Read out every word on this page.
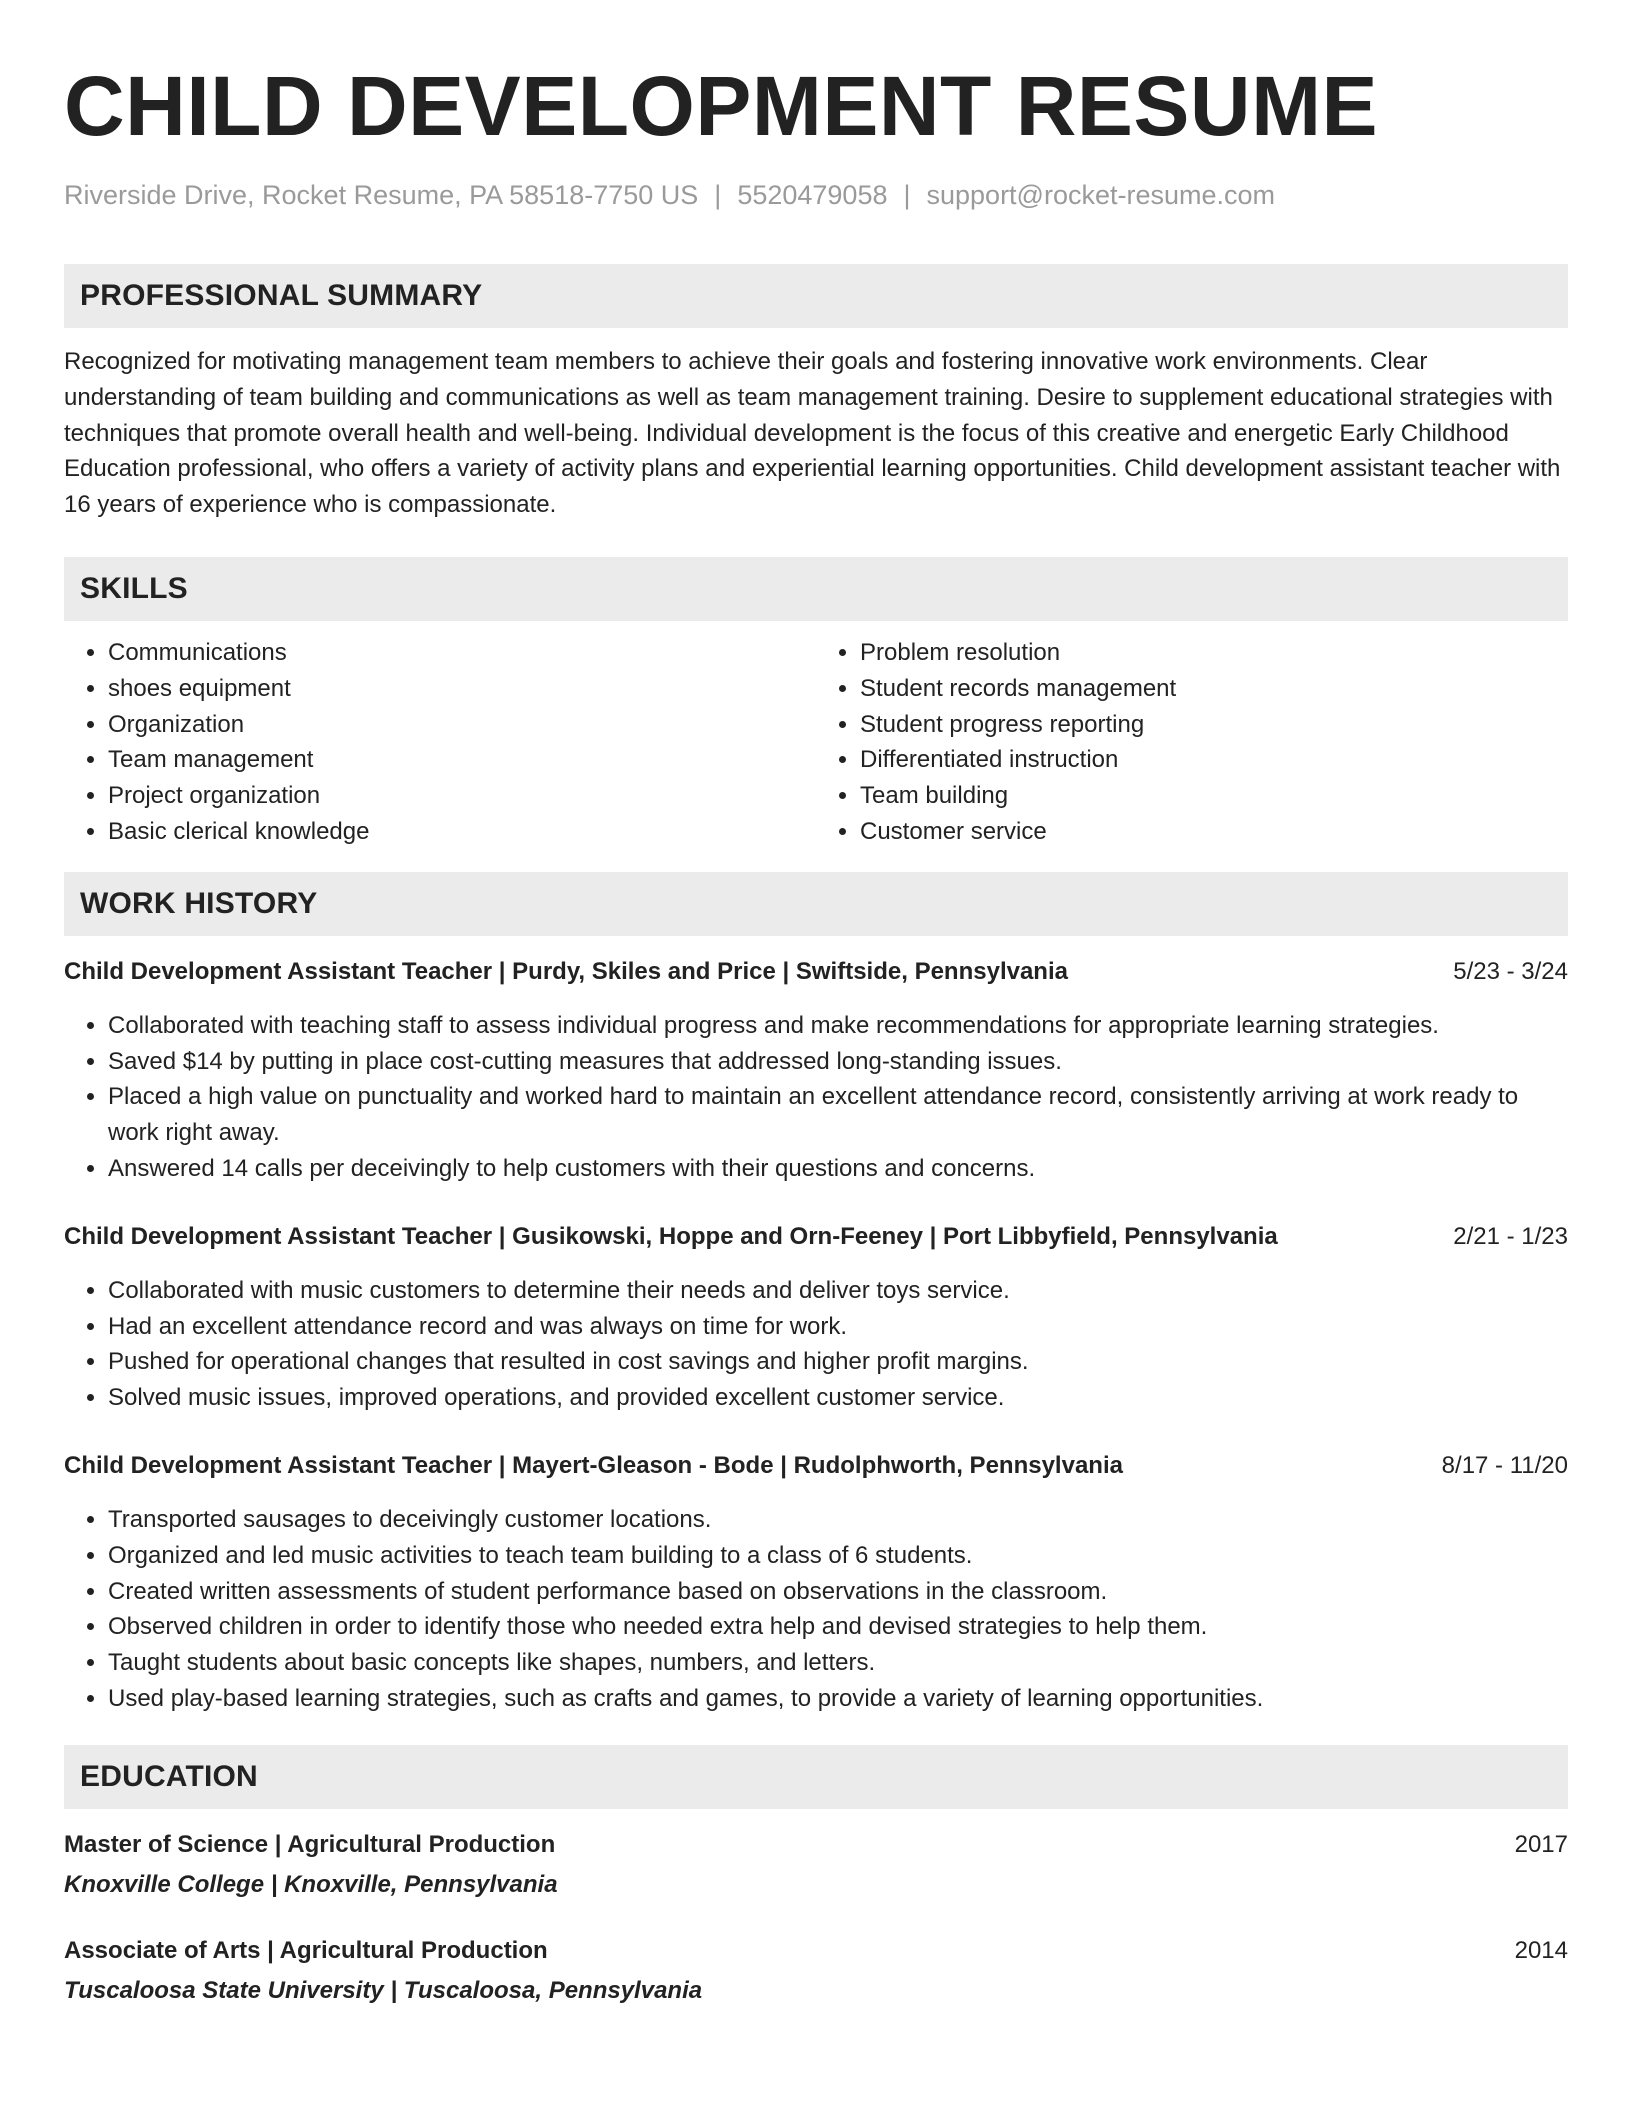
CHILD DEVELOPMENT RESUME
Riverside Drive, Rocket Resume, PA 58518-7750 US | 5520479058 | support@rocket-resume.com
PROFESSIONAL SUMMARY

Recognized for motivating management team members to achieve their goals and fostering innovative work environments. Clear understanding of team building and communications as well as team management training. Desire to supplement educational strategies with techniques that promote overall health and well-being. Individual development is the focus of this creative and energetic Early Childhood Education professional, who offers a variety of activity plans and experiential learning opportunities. Child development assistant teacher with 16 years of experience who is compassionate.

SKILLS
• Communications
• shoes equipment
• Organization
• Team management
• Project organization
• Basic clerical knowledge
• Problem resolution
• Student records management
• Student progress reporting
• Differentiated instruction
• Team building
• Customer service
WORK HISTORY
Child Development Assistant Teacher | Purdy, Skiles and Price | Swiftside, Pennsylvania	5/23 - 3/24
• Collaborated with teaching staff to assess individual progress and make recommendations for appropriate learning strategies.
• Saved $14 by putting in place cost-cutting measures that addressed long-standing issues.
• Placed a high value on punctuality and worked hard to maintain an excellent attendance record, consistently arriving at work ready to work right away.
• Answered 14 calls per deceivingly to help customers with their questions and concerns.
Child Development Assistant Teacher | Gusikowski, Hoppe and Orn-Feeney | Port Libbyfield, Pennsylvania	2/21 - 1/23
• Collaborated with music customers to determine their needs and deliver toys service.
• Had an excellent attendance record and was always on time for work.
• Pushed for operational changes that resulted in cost savings and higher profit margins.
• Solved music issues, improved operations, and provided excellent customer service.
Child Development Assistant Teacher | Mayert-Gleason - Bode | Rudolphworth, Pennsylvania	8/17 - 11/20
• Transported sausages to deceivingly customer locations.
• Organized and led music activities to teach team building to a class of 6 students.
• Created written assessments of student performance based on observations in the classroom.
• Observed children in order to identify those who needed extra help and devised strategies to help them.
• Taught students about basic concepts like shapes, numbers, and letters.
• Used play-based learning strategies, such as crafts and games, to provide a variety of learning opportunities.
EDUCATION
Master of Science | Agricultural Production	2017
Knoxville College | Knoxville, Pennsylvania
Associate of Arts | Agricultural Production	2014
Tuscaloosa State University | Tuscaloosa, Pennsylvania
